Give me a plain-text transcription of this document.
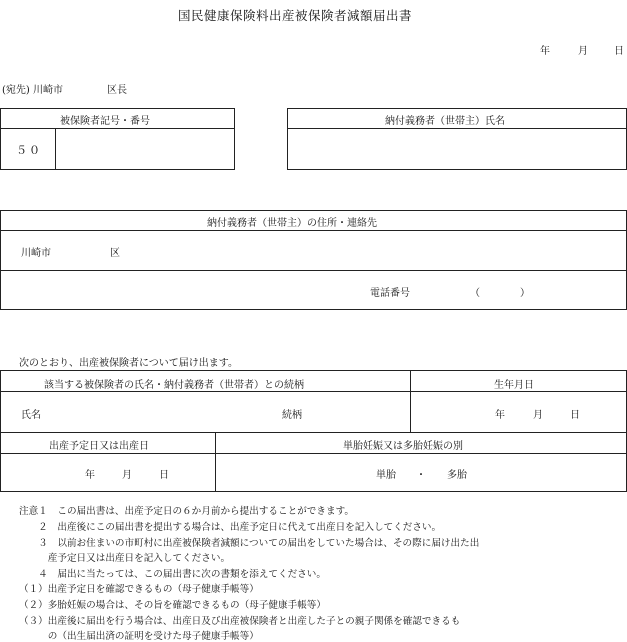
国民健康保険料出産被保険者減額届出書
年	月	日
(宛先) 川崎市	区長
被保険者記号・番号
５０
納付義務者（世帯主）氏名
納付義務者（世帯主）の住所・連絡先
川崎市	区
電話番号	（　　　　）
次のとおり、出産被保険者について届け出ます。
該当する被保険者の氏名・納付義務者（世帯者）との続柄	生年月日
氏名	続柄	年	月	日
出産予定日又は出産日	単胎妊娠又は多胎妊娠の別
年	月	日	単胎 ・ 多胎
注意１　この届出書は、出産予定日の６か月前から提出することができます。
　　２　出産後にこの届出書を提出する場合は、出産予定日に代えて出産日を記入してください。
　　３　以前お住まいの市町村に出産被保険者減額についての届出をしていた場合は、その際に届け出た出
　　　産予定日又は出産日を記入してください。
　　４　届出に当たっては、この届出書に次の書類を添えてください。
（１）出産予定日を確認できるもの（母子健康手帳等）
（２）多胎妊娠の場合は、その旨を確認できるもの（母子健康手帳等）
（３）出産後に届出を行う場合は、出産日及び出産被保険者と出産した子との親子関係を確認できるも
　　　の（出生届出済の証明を受けた母子健康手帳等）
